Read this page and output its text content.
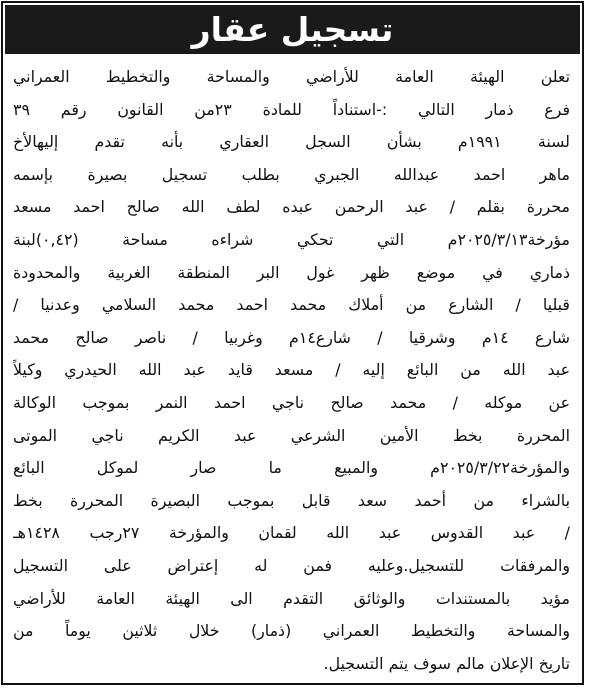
تسجيل عقار
تعلن الهيئة العامة للأراضي والمساحة والتخطيط العمراني
فرع ذمار التالي :-استناداً للمادة ٢٣من القانون رقم ٣٩
لسنة ١٩٩١م بشأن السجل العقاري بأنه تقدم إليهالأخ
ماهر احمد عبدالله الجبري بطلب تسجيل بصيرة بإسمه
محررة بقلم / عبد الرحمن عبده لطف الله صالح احمد مسعد
مؤرخة٢٠٢٥/٣/١٣م التي تحكي شراءه مساحة (٠,٤٢)لبنة
ذماري في موضع ظهر غول البر المنطقة الغربية والمحدودة
قبليا / الشارع من أملاك محمد احمد محمد السلامي وعدنيا /
شارع ١٤م وشرقيا / شارع١٤م وغربيا / ناصر صالح محمد
عبد الله من البائع إليه / مسعد قايد عبد الله الحيدري وكيلاً
عن موكله / محمد صالح ناجي احمد النمر بموجب الوكالة
المحررة بخط الأمين الشرعي عبد الكريم ناجي الموتى
والمؤرخة٢٠٢٥/٣/٢٢م والمبيع ما صار لموكل البائع
بالشراء من أحمد سعد قابل بموجب البصيرة المحررة بخط
/ عبد القدوس عبد الله لقمان والمؤرخة ٢٧رجب ١٤٢٨هـ
والمرفقات للتسجيل.وعليه فمن له إعتراض على التسجيل
مؤيد بالمستندات والوثائق التقدم الى الهيئة العامة للأراضي
والمساحة والتخطيط العمراني (ذمار) خلال ثلاثين يوماً من
تاريخ الإعلان مالم سوف يتم التسجيل.
